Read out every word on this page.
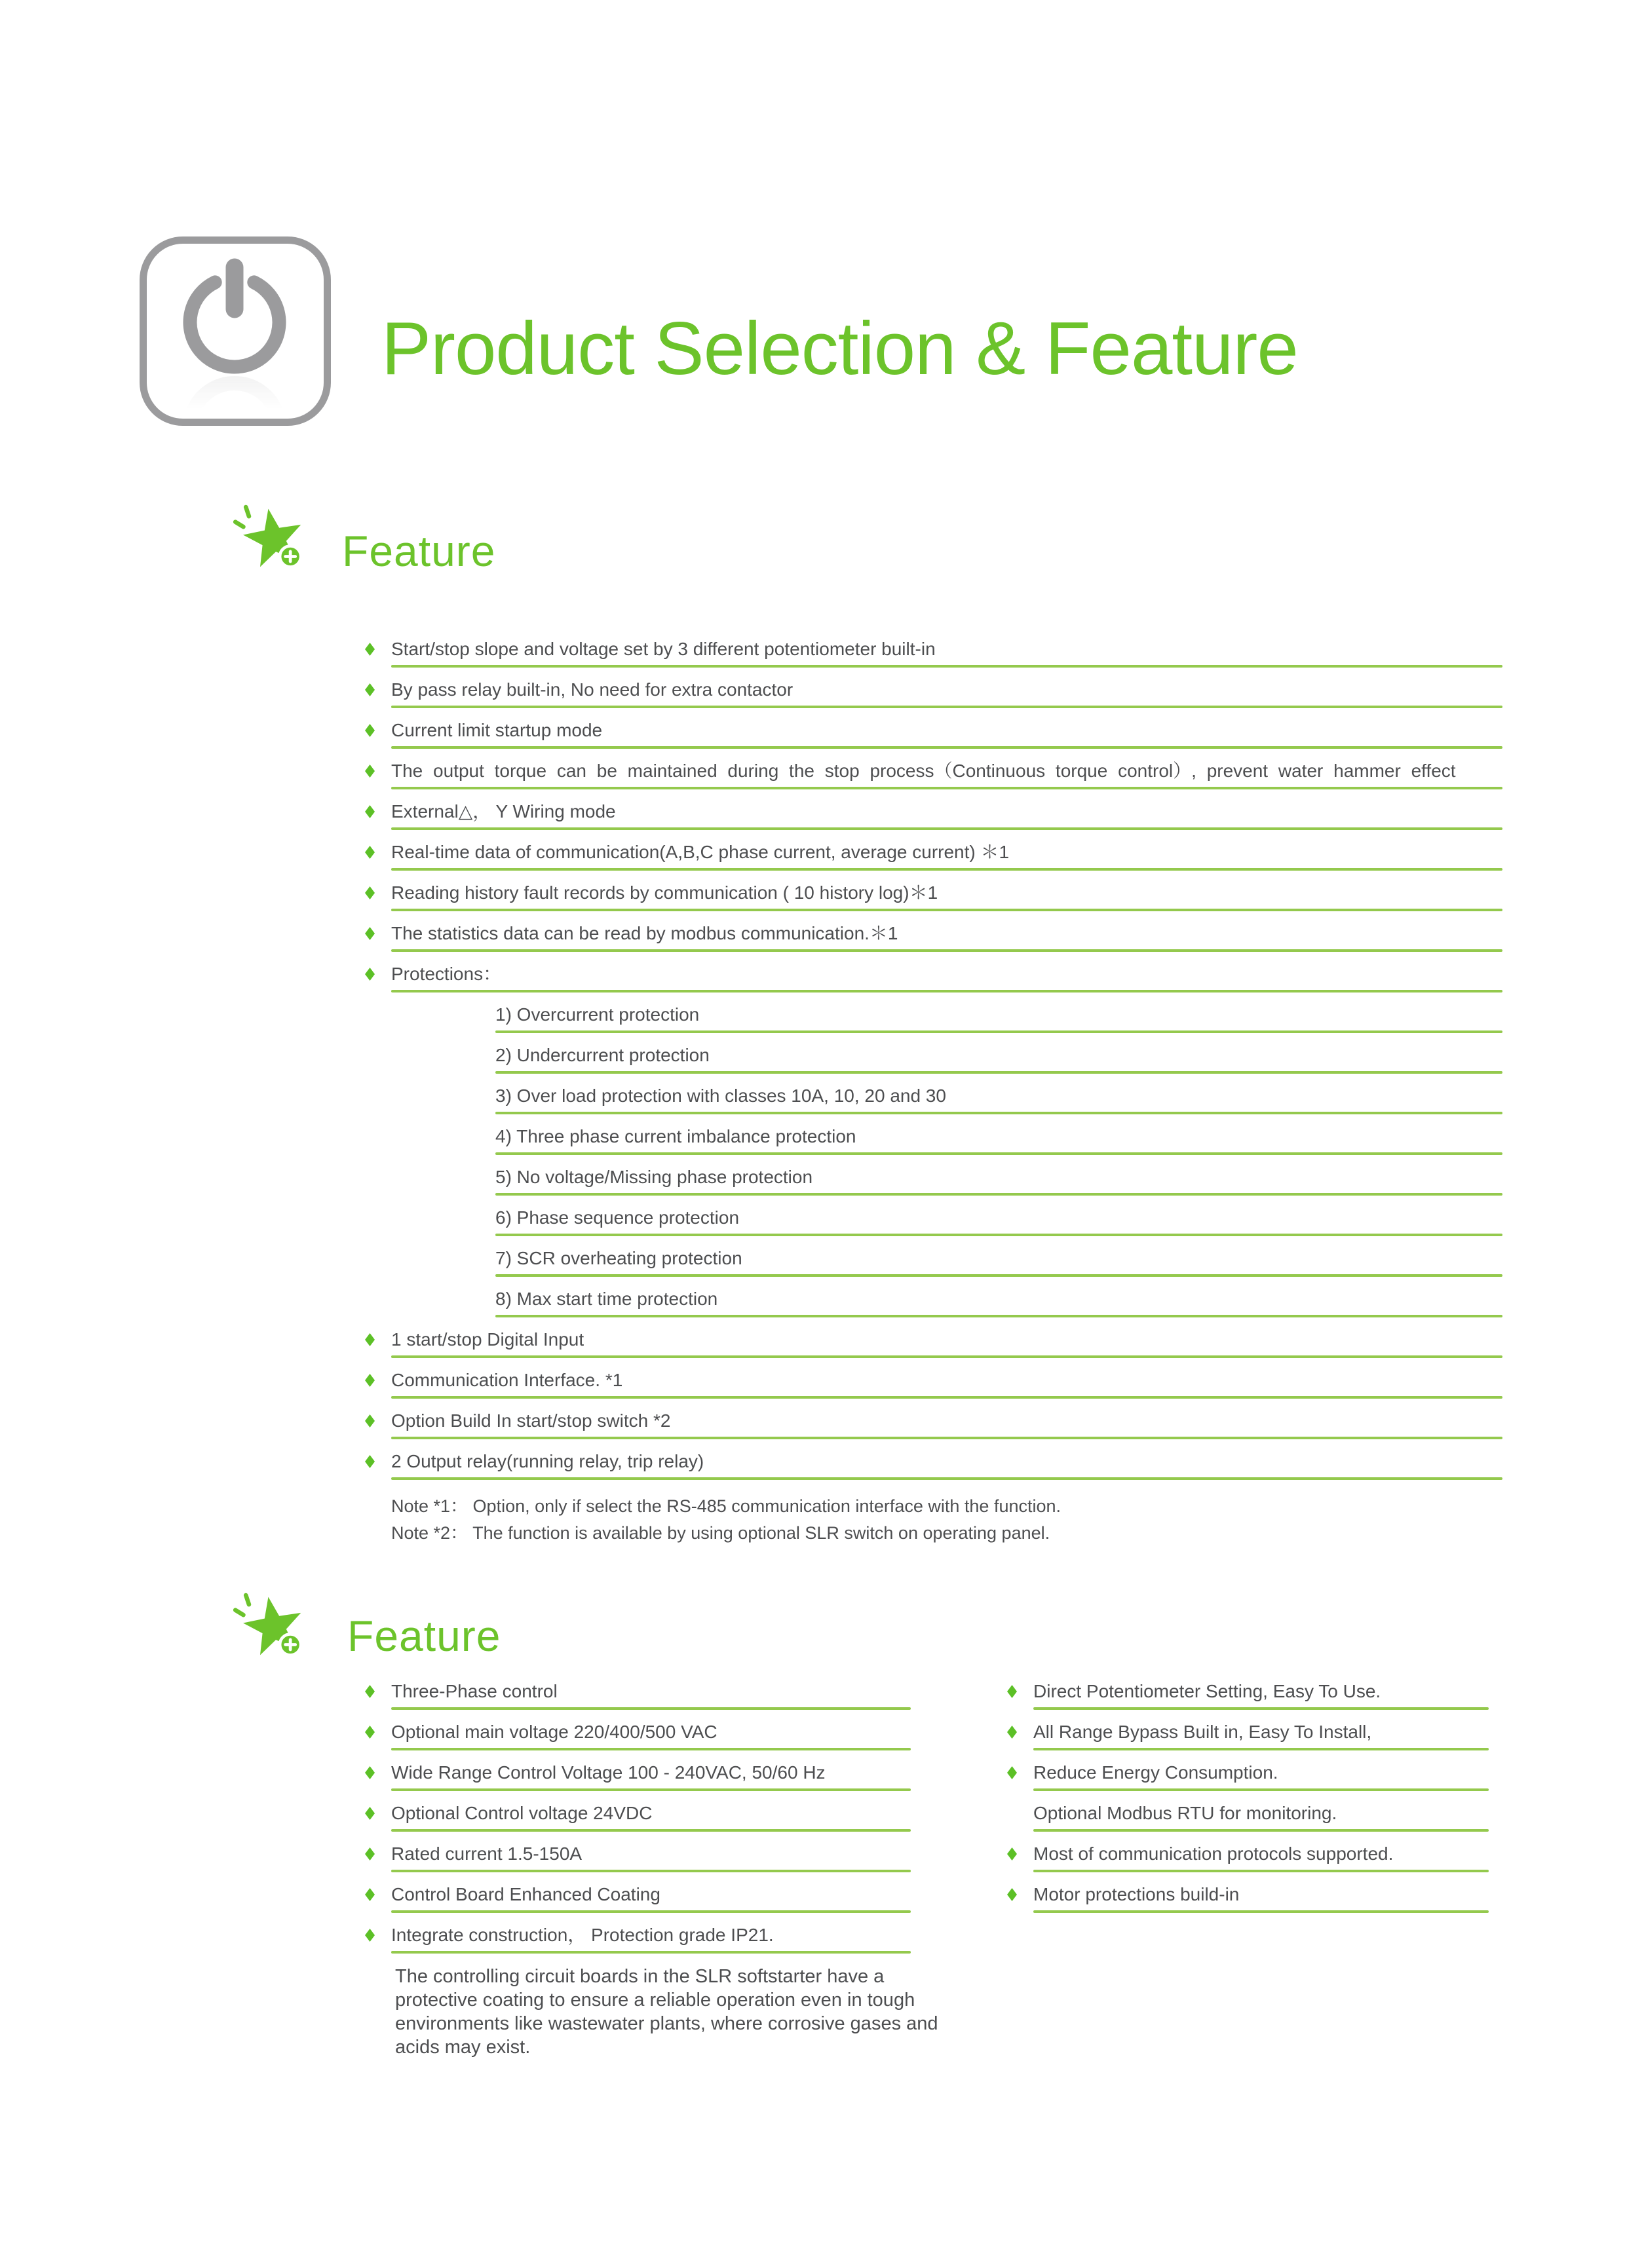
Product Selection & Feature
Feature
Start/stop slope and voltage set by 3 different potentiometer built-in
By pass relay built-in, No need for extra contactor
Current limit startup mode
The output torque can be maintained during the stop process（Continuous torque control）, prevent water hammer effect
External△， Y Wiring mode
Real-time data of communication(A,B,C phase current, average current) ＊1
Reading history fault records by communication ( 10 history log)＊1
The statistics data can be read by modbus communication.＊1
Protections：
1) Overcurrent protection
2) Undercurrent protection
3) Over load protection with classes 10A, 10, 20 and 30
4) Three phase current imbalance protection
5) No voltage/Missing phase protection
6) Phase sequence protection
7) SCR overheating protection
8) Max start time protection
1 start/stop Digital Input
Communication Interface. *1
Option Build In start/stop switch *2
2 Output relay(running relay, trip relay)
Note *1： Option, only if select the RS-485 communication interface with the function.
Note *2： The function is available by using optional SLR switch on operating panel.
Feature
Three-Phase control
Optional main voltage 220/400/500 VAC
Wide Range Control Voltage 100 - 240VAC, 50/60 Hz
Optional Control voltage 24VDC
Rated current 1.5-150A
Control Board Enhanced Coating
Integrate construction， Protection grade IP21.
The controlling circuit boards in the SLR softstarter have a protective coating to ensure a reliable operation even in tough environments like wastewater plants, where corrosive gases and acids may exist.
Direct Potentiometer Setting, Easy To Use.
All Range Bypass Built in, Easy To Install,
Reduce Energy Consumption.
Optional Modbus RTU for monitoring.
Most of communication protocols supported.
Motor protections build-in
